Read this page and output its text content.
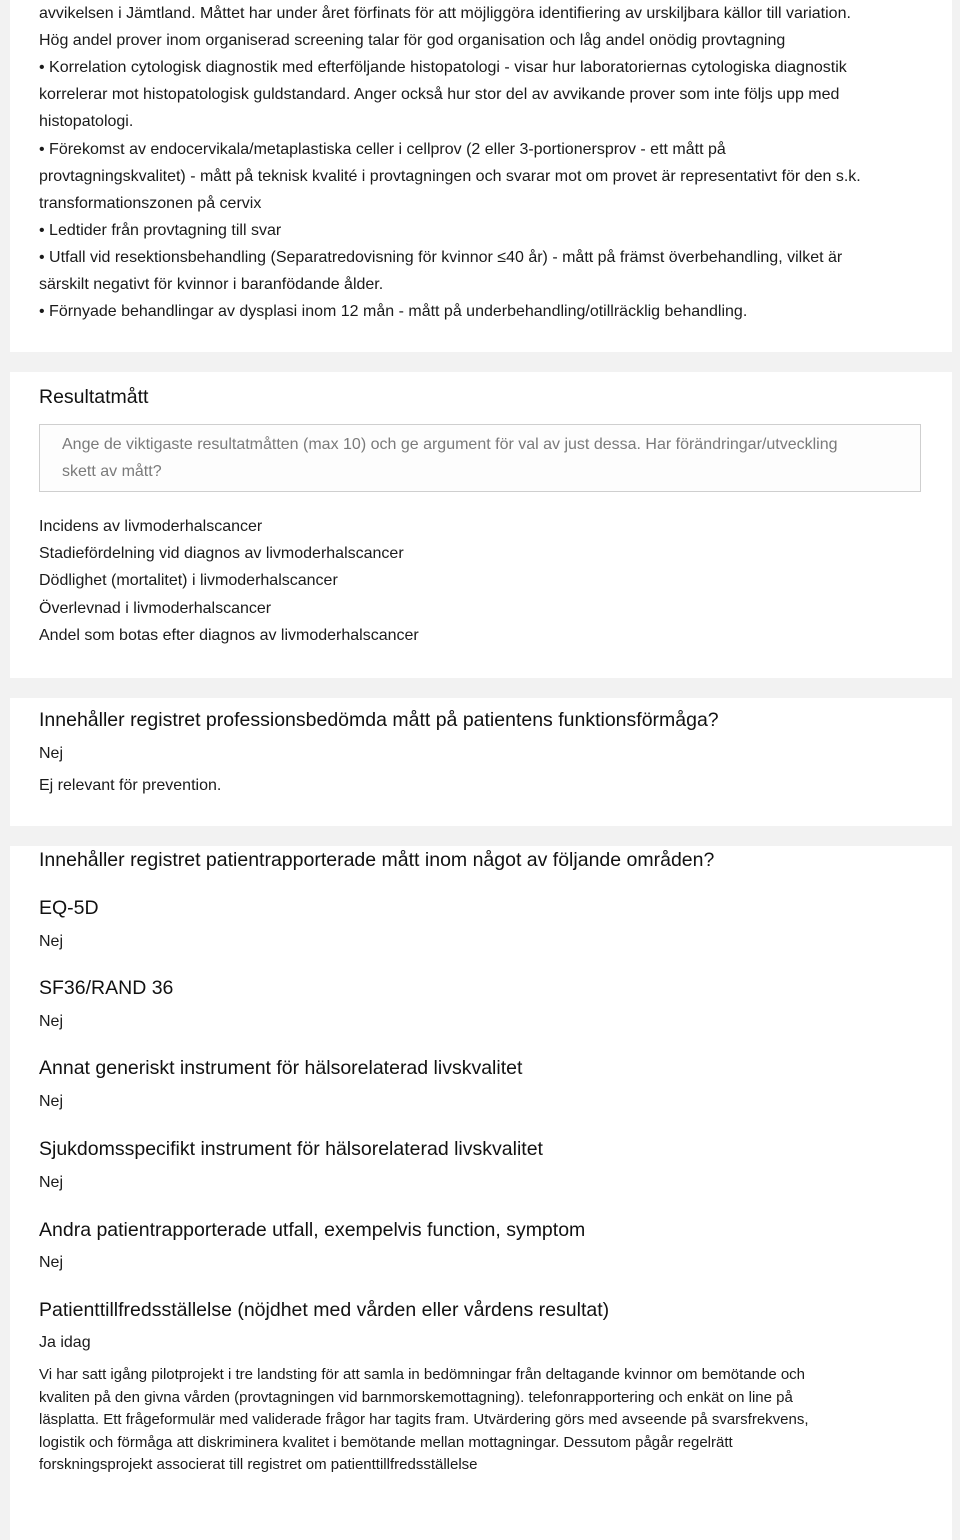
avvikelsen i Jämtland. Måttet har under året förfinats för att möjliggöra identifiering av urskiljbara källor till variation.
Hög andel prover inom organiserad screening talar för god organisation och låg andel onödig provtagning
• Korrelation cytologisk diagnostik med efterföljande histopatologi - visar hur laboratoriernas cytologiska diagnostik
korrelerar mot histopatologisk guldstandard. Anger också hur stor del av avvikande prover som inte följs upp med
histopatologi.
• Förekomst av endocervikala/metaplastiska celler i cellprov (2 eller 3-portionersprov - ett mått på
provtagningskvalitet) - mått på teknisk kvalité i provtagningen och svarar mot om provet är representativt för den s.k.
transformationszonen på cervix
• Ledtider från provtagning till svar
• Utfall vid resektionsbehandling (Separatredovisning för kvinnor ≤40 år) - mått på främst överbehandling, vilket är
särskilt negativt för kvinnor i baranfödande ålder.
• Förnyade behandlingar av dysplasi inom 12 mån - mått på underbehandling/otillräcklig behandling.
Resultatmått
Ange de viktigaste resultatmåtten (max 10) och ge argument för val av just dessa. Har förändringar/utveckling
skett av mått?
Incidens av livmoderhalscancer
Stadiefördelning vid diagnos av livmoderhalscancer
Dödlighet (mortalitet) i livmoderhalscancer
Överlevnad i livmoderhalscancer
Andel som botas efter diagnos av livmoderhalscancer
Innehåller registret professionsbedömda mått på patientens funktionsförmåga?
Nej
Ej relevant för prevention.
Innehåller registret patientrapporterade mått inom något av följande områden?
EQ-5D
Nej
SF36/RAND 36
Nej
Annat generiskt instrument för hälsorelaterad livskvalitet
Nej
Sjukdomsspecifikt instrument för hälsorelaterad livskvalitet
Nej
Andra patientrapporterade utfall, exempelvis function, symptom
Nej
Patienttillfredsställelse (nöjdhet med vården eller vårdens resultat)
Ja idag
Vi har satt igång pilotprojekt i tre landsting för att samla in bedömningar från deltagande kvinnor om bemötande och
kvaliten på den givna vården (provtagningen vid barnmorskemottagning). telefonrapportering och enkät on line på
läsplatta. Ett frågeformulär med validerade frågor har tagits fram. Utvärdering görs med avseende på svarsfrekvens,
logistik och förmåga att diskriminera kvalitet i bemötande mellan mottagningar. Dessutom pågår regelrätt
forskningsprojekt associerat till registret om patienttillfredsställelse
